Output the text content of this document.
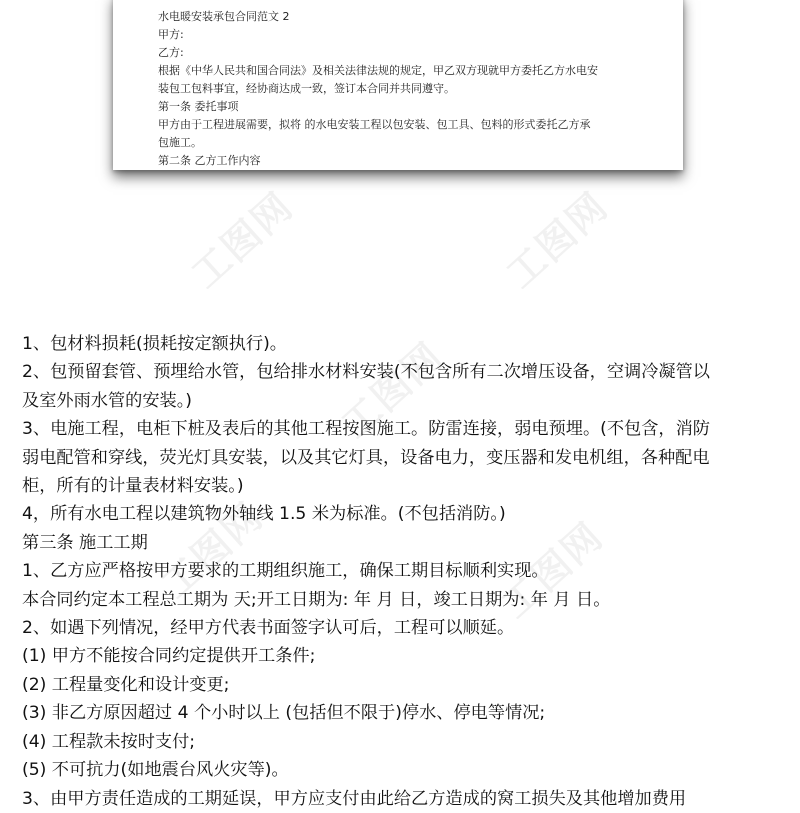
工图网	工图网
工图网
工图网	工图网
水电暖安装承包合同范文 2
甲方:
乙方:
根据《中华人民共和国合同法》及相关法律法规的规定，甲乙双方现就甲方委托乙方水电安
装包工包料事宜，经协商达成一致，签订本合同并共同遵守。
第一条 委托事项
甲方由于工程进展需要，拟将 的水电安装工程以包安装、包工具、包料的形式委托乙方承
包施工。
第二条 乙方工作内容
1、包材料损耗(损耗按定额执行)。
2、包预留套管、预埋给水管，包给排水材料安装(不包含所有二次增压设备，空调冷凝管以
及室外雨水管的安装。)
3、电施工程，电柜下桩及表后的其他工程按图施工。防雷连接，弱电预埋。(不包含，消防
弱电配管和穿线，荧光灯具安装，以及其它灯具，设备电力，变压器和发电机组，各种配电
柜，所有的计量表材料安装。)
4，所有水电工程以建筑物外轴线 1.5 米为标准。(不包括消防。)
第三条 施工工期
1、乙方应严格按甲方要求的工期组织施工，确保工期目标顺利实现。
本合同约定本工程总工期为 天;开工日期为: 年 月 日，竣工日期为: 年 月 日。
2、如遇下列情况，经甲方代表书面签字认可后，工程可以顺延。
(1) 甲方不能按合同约定提供开工条件;
(2) 工程量变化和设计变更;
(3) 非乙方原因超过 4 个小时以上 (包括但不限于)停水、停电等情况;
(4) 工程款未按时支付;
(5) 不可抗力(如地震台风火灾等)。
3、由甲方责任造成的工期延误，甲方应支付由此给乙方造成的窝工损失及其他增加费用
